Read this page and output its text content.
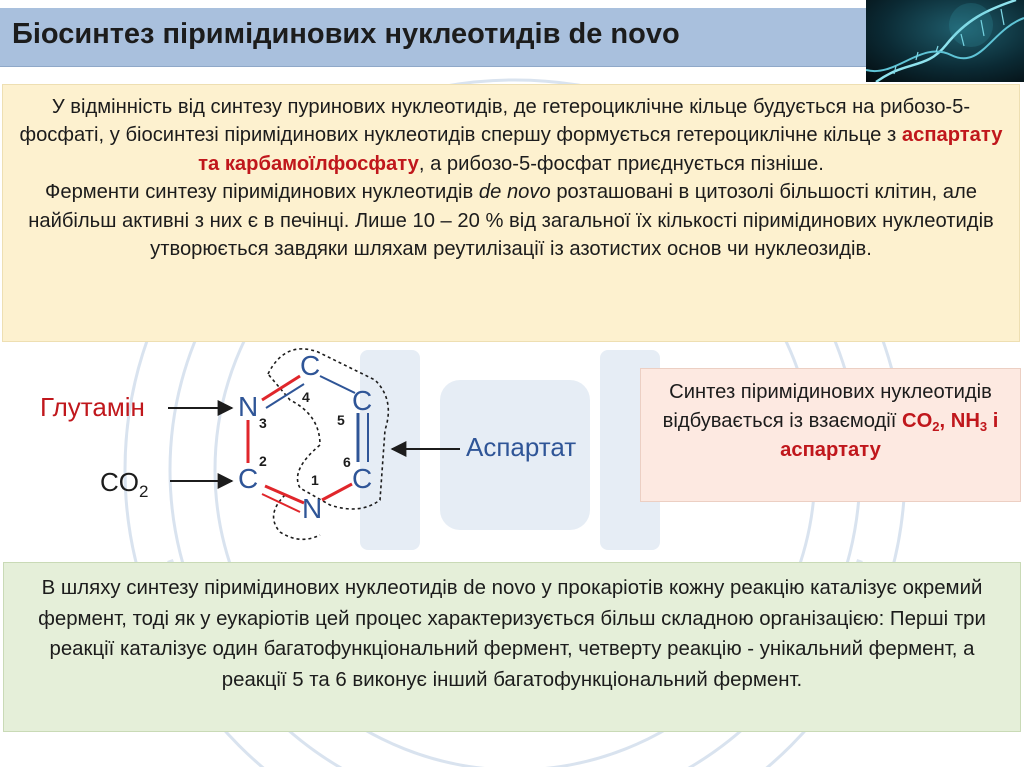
Біосинтез піримідинових нуклеотидів de novo
У відмінність від синтезу пуринових нуклеотидів, де гетероциклічне кільце будується на рибозо-5-фосфаті, у біосинтезі піримідинових нуклеотидів спершу формується гетероциклічне кільце з аспартату та карбамоїлфосфату, а рибозо-5-фосфат приєднується пізніше.
Ферменти синтезу піримідинових нуклеотидів de novo розташовані в цитозолі більшості клітин, але найбільш активні з них є в печінці. Лише 10 – 20 % від загальної їх кількості піримідинових нуклеотидів утворюється завдяки шляхам реутилізації із азотистих основ чи нуклеозидів.
C
C
C
N
C
N	4
5
6
1
2
3
Глутамін
$CO_2$
Аспартат
Синтез піримідинових нуклеотидів відбувається із взаємодії $CO_2$, $NH_3$ і аспартату
В шляху синтезу піримідинових нуклеотидів de novo у прокаріотів кожну реакцію каталізує окремий фермент, тоді як у еукаріотів цей процес характеризується більш складною організацією: Перші три реакції каталізує один багатофункціональний фермент, четверту реакцію - унікальний фермент, а реакції 5 та 6 виконує інший багатофункціональний фермент.
